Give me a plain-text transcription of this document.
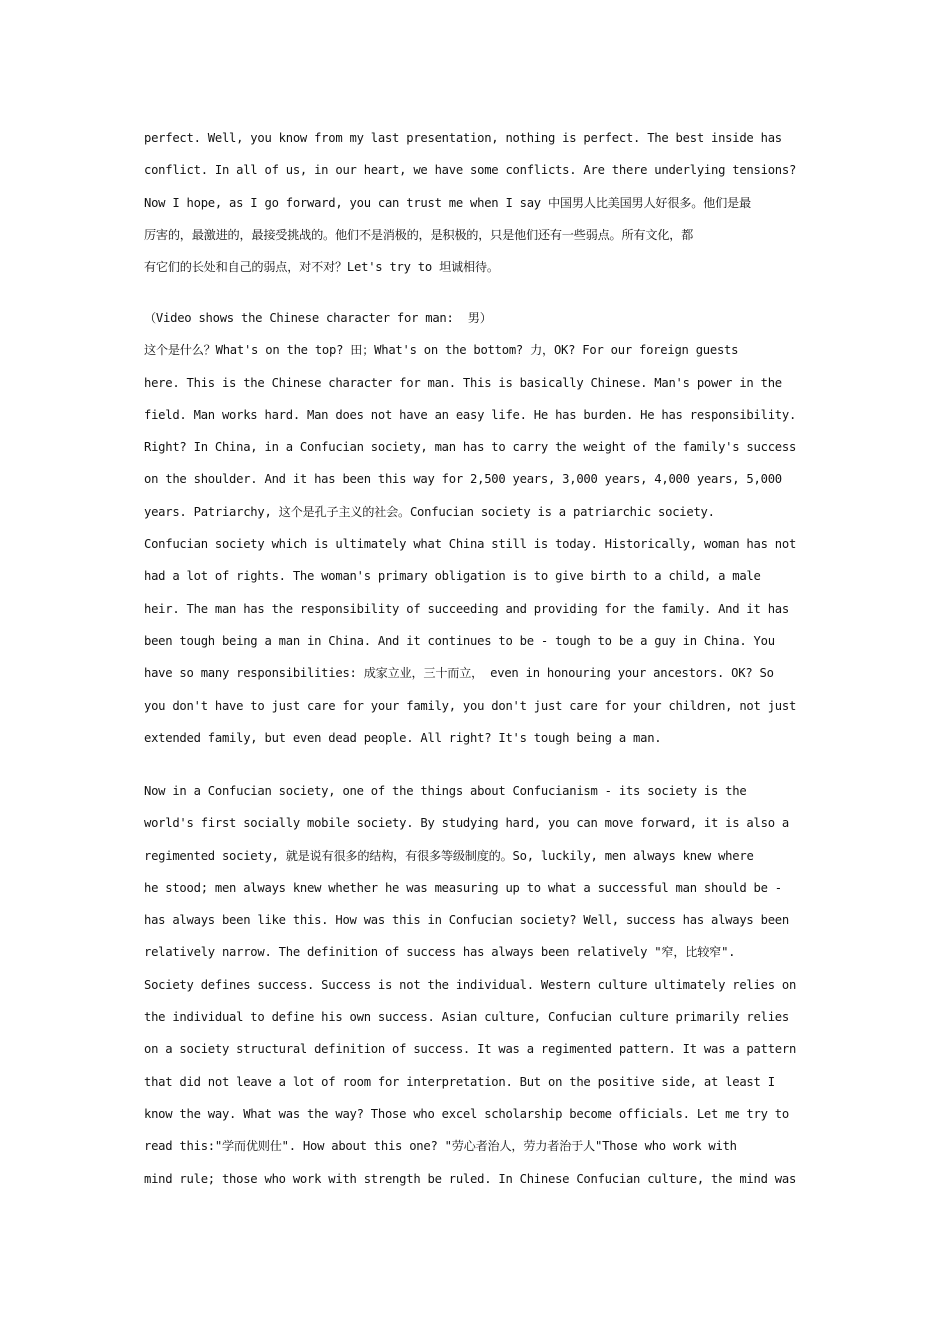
perfect. Well, you know from my last presentation, nothing is perfect. The best inside has
conflict. In all of us, in our heart, we have some conflicts. Are there underlying tensions?
Now I hope, as I go forward, you can trust me when I say 中国男人比美国男人好很多。他们是最
厉害的，最激进的，最接受挑战的。他们不是消极的，是积极的，只是他们还有一些弱点。所有文化，都
有它们的长处和自己的弱点，对不对？Let's try to 坦诚相待。
（Video shows the Chinese character for man:  男）
这个是什么？What's on the top? 田；What's on the bottom? 力，OK? For our foreign guests
here. This is the Chinese character for man. This is basically Chinese. Man's power in the
field. Man works hard. Man does not have an easy life. He has burden. He has responsibility.
Right? In China, in a Confucian society, man has to carry the weight of the family's success
on the shoulder. And it has been this way for 2,500 years, 3,000 years, 4,000 years, 5,000
years. Patriarchy, 这个是孔子主义的社会。Confucian society is a patriarchic society.
Confucian society which is ultimately what China still is today. Historically, woman has not
had a lot of rights. The woman's primary obligation is to give birth to a child, a male
heir. The man has the responsibility of succeeding and providing for the family. And it has
been tough being a man in China. And it continues to be - tough to be a guy in China. You
have so many responsibilities: 成家立业，三十而立， even in honouring your ancestors. OK? So
you don't have to just care for your family, you don't just care for your children, not just
extended family, but even dead people. All right? It's tough being a man.
Now in a Confucian society, one of the things about Confucianism - its society is the
world's first socially mobile society. By studying hard, you can move forward, it is also a
regimented society, 就是说有很多的结构，有很多等级制度的。So, luckily, men always knew where
he stood; men always knew whether he was measuring up to what a successful man should be -
has always been like this. How was this in Confucian society? Well, success has always been
relatively narrow. The definition of success has always been relatively "窄，比较窄".
Society defines success. Success is not the individual. Western culture ultimately relies on
the individual to define his own success. Asian culture, Confucian culture primarily relies
on a society structural definition of success. It was a regimented pattern. It was a pattern
that did not leave a lot of room for interpretation. But on the positive side, at least I
know the way. What was the way? Those who excel scholarship become officials. Let me try to
read this:"学而优则仕". How about this one? "劳心者治人，劳力者治于人"Those who work with
mind rule; those who work with strength be ruled. In Chinese Confucian culture, the mind was
